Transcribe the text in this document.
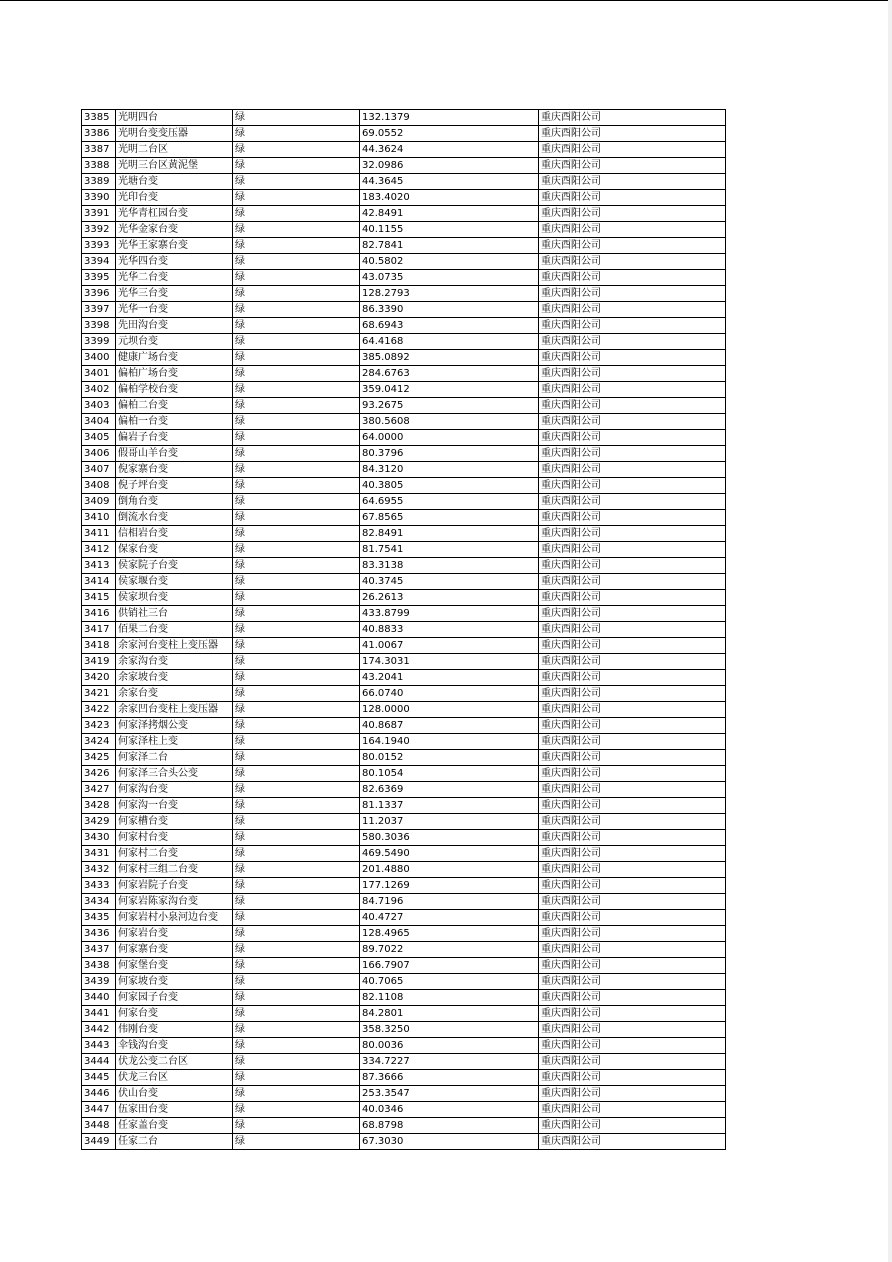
3385	光明四台	绿	132.1379	重庆酉阳公司
3386	光明台变变压器	绿	69.0552	重庆酉阳公司
3387	光明二台区	绿	44.3624	重庆酉阳公司
3388	光明三台区黄泥堡	绿	32.0986	重庆酉阳公司
3389	光塘台变	绿	44.3645	重庆酉阳公司
3390	光印台变	绿	183.4020	重庆酉阳公司
3391	光华青杠园台变	绿	42.8491	重庆酉阳公司
3392	光华金家台变	绿	40.1155	重庆酉阳公司
3393	光华王家寨台变	绿	82.7841	重庆酉阳公司
3394	光华四台变	绿	40.5802	重庆酉阳公司
3395	光华二台变	绿	43.0735	重庆酉阳公司
3396	光华三台变	绿	128.2793	重庆酉阳公司
3397	光华一台变	绿	86.3390	重庆酉阳公司
3398	先田沟台变	绿	68.6943	重庆酉阳公司
3399	元坝台变	绿	64.4168	重庆酉阳公司
3400	健康广场台变	绿	385.0892	重庆酉阳公司
3401	偏柏广场台变	绿	284.6763	重庆酉阳公司
3402	偏柏学校台变	绿	359.0412	重庆酉阳公司
3403	偏柏二台变	绿	93.2675	重庆酉阳公司
3404	偏柏一台变	绿	380.5608	重庆酉阳公司
3405	偏岩子台变	绿	64.0000	重庆酉阳公司
3406	假哥山羊台变	绿	80.3796	重庆酉阳公司
3407	倪家寨台变	绿	84.3120	重庆酉阳公司
3408	倪子坪台变	绿	40.3805	重庆酉阳公司
3409	倒角台变	绿	64.6955	重庆酉阳公司
3410	倒流水台变	绿	67.8565	重庆酉阳公司
3411	信相岩台变	绿	82.8491	重庆酉阳公司
3412	保家台变	绿	81.7541	重庆酉阳公司
3413	侯家院子台变	绿	83.3138	重庆酉阳公司
3414	侯家堰台变	绿	40.3745	重庆酉阳公司
3415	侯家坝台变	绿	26.2613	重庆酉阳公司
3416	供销社三台	绿	433.8799	重庆酉阳公司
3417	佰果二台变	绿	40.8833	重庆酉阳公司
3418	余家河台变柱上变压器	绿	41.0067	重庆酉阳公司
3419	余家沟台变	绿	174.3031	重庆酉阳公司
3420	余家坡台变	绿	43.2041	重庆酉阳公司
3421	余家台变	绿	66.0740	重庆酉阳公司
3422	余家凹台变柱上变压器	绿	128.0000	重庆酉阳公司
3423	何家泽拷烟公变	绿	40.8687	重庆酉阳公司
3424	何家泽柱上变	绿	164.1940	重庆酉阳公司
3425	何家泽二台	绿	80.0152	重庆酉阳公司
3426	何家泽三合头公变	绿	80.1054	重庆酉阳公司
3427	何家沟台变	绿	82.6369	重庆酉阳公司
3428	何家沟一台变	绿	81.1337	重庆酉阳公司
3429	何家槽台变	绿	11.2037	重庆酉阳公司
3430	何家村台变	绿	580.3036	重庆酉阳公司
3431	何家村二台变	绿	469.5490	重庆酉阳公司
3432	何家村三组二台变	绿	201.4880	重庆酉阳公司
3433	何家岩院子台变	绿	177.1269	重庆酉阳公司
3434	何家岩陈家沟台变	绿	84.7196	重庆酉阳公司
3435	何家岩村小泉河边台变	绿	40.4727	重庆酉阳公司
3436	何家岩台变	绿	128.4965	重庆酉阳公司
3437	何家寨台变	绿	89.7022	重庆酉阳公司
3438	何家堡台变	绿	166.7907	重庆酉阳公司
3439	何家坡台变	绿	40.7065	重庆酉阳公司
3440	何家园子台变	绿	82.1108	重庆酉阳公司
3441	何家台变	绿	84.2801	重庆酉阳公司
3442	伟刚台变	绿	358.3250	重庆酉阳公司
3443	伞钱沟台变	绿	80.0036	重庆酉阳公司
3444	伏龙公变二台区	绿	334.7227	重庆酉阳公司
3445	伏龙三台区	绿	87.3666	重庆酉阳公司
3446	伏山台变	绿	253.3547	重庆酉阳公司
3447	伍家田台变	绿	40.0346	重庆酉阳公司
3448	任家盖台变	绿	68.8798	重庆酉阳公司
3449	任家二台	绿	67.3030	重庆酉阳公司
